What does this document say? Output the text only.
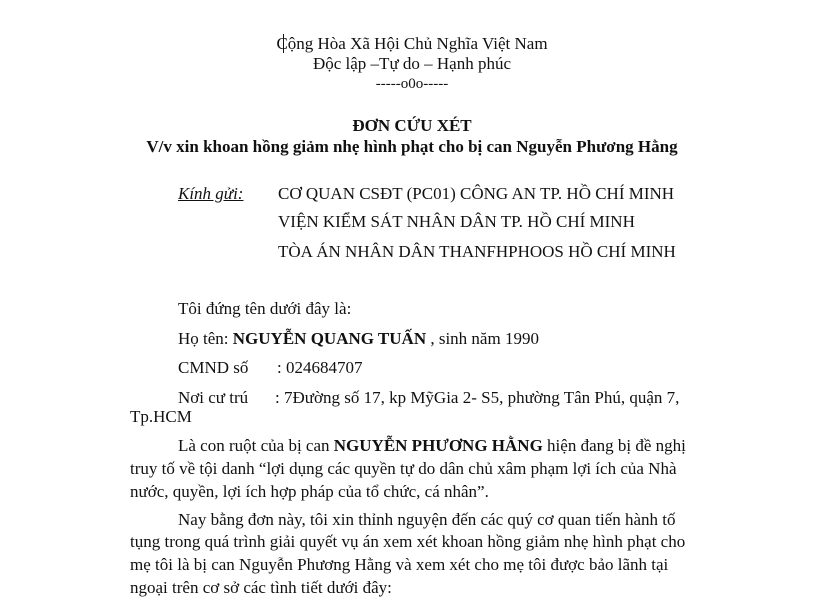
Cộng Hòa Xã Hội Chủ Nghĩa Việt Nam
Độc lập –Tự do – Hạnh phúc
-----o0o-----
ĐƠN CỨU XÉT
V/v xin khoan hồng giảm nhẹ hình phạt cho bị can Nguyễn Phương Hằng
Kính gửi: CƠ QUAN CSĐT (PC01) CÔNG AN TP. HỒ CHÍ MINH
VIỆN KIỂM SÁT NHÂN DÂN TP. HỒ CHÍ MINH
TÒA ÁN NHÂN DÂN THANFHPHOOS HỒ CHÍ MINH
Tôi đứng tên dưới đây là:
Họ tên: NGUYỄN QUANG TUẤN , sinh năm 1990
CMND số : 024684707
Nơi cư trú : 7Đường số 17, kp MỹGia 2- S5, phường Tân Phú, quận 7,
Tp.HCM
Là con ruột của bị can NGUYỄN PHƯƠNG HẰNG hiện đang bị đề nghị
truy tố về tội danh “lợi dụng các quyền tự do dân chủ xâm phạm lợi ích của Nhà
nước, quyền, lợi ích hợp pháp của tổ chức, cá nhân”.
Nay bằng đơn này, tôi xin thỉnh nguyện đến các quý cơ quan tiến hành tố
tụng trong quá trình giải quyết vụ án xem xét khoan hồng giảm nhẹ hình phạt cho
mẹ tôi là bị can Nguyễn Phương Hằng và xem xét cho mẹ tôi được bảo lãnh tại
ngoại trên cơ sở các tình tiết dưới đây:
